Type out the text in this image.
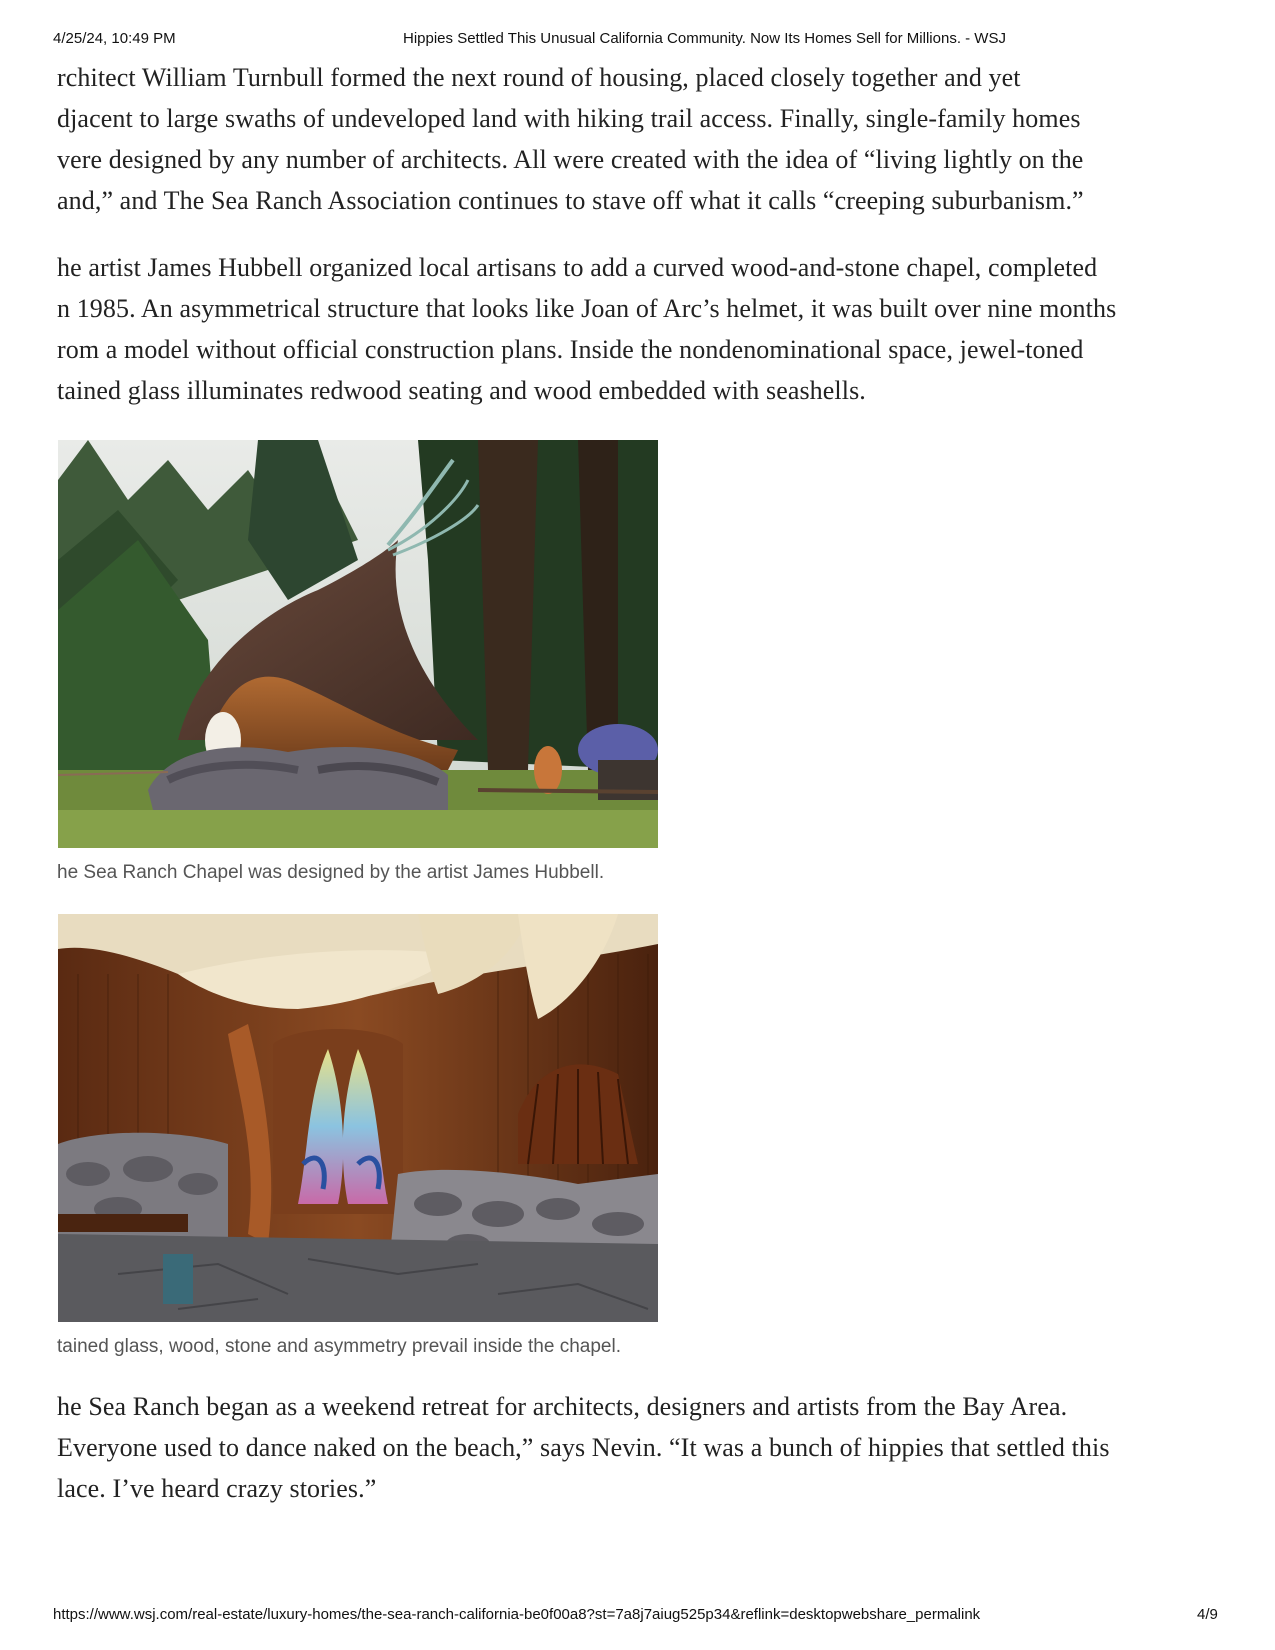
4/25/24, 10:49 PM	Hippies Settled This Unusual California Community. Now Its Homes Sell for Millions. - WSJ

rchitect William Turnbull formed the next round of housing, placed closely together and yet
djacent to large swaths of undeveloped land with hiking trail access. Finally, single-family homes
vere designed by any number of architects. All were created with the idea of “living lightly on the
and,” and The Sea Ranch Association continues to stave off what it calls “creeping suburbanism.”

he artist James Hubbell organized local artisans to add a curved wood-and-stone chapel, completed
n 1985. An asymmetrical structure that looks like Joan of Arc’s helmet, it was built over nine months
rom a model without official construction plans. Inside the nondenominational space, jewel-toned
tained glass illuminates redwood seating and wood embedded with seashells.

he Sea Ranch Chapel was designed by the artist James Hubbell.
tained glass, wood, stone and asymmetry prevail inside the chapel.

he Sea Ranch began as a weekend retreat for architects, designers and artists from the Bay Area.
Everyone used to dance naked on the beach,” says Nevin. “It was a bunch of hippies that settled this
lace. I’ve heard crazy stories.”

https://www.wsj.com/real-estate/luxury-homes/the-sea-ranch-california-be0f00a8?st=7a8j7aiug525p34&reflink=desktopwebshare_permalink	4/9
